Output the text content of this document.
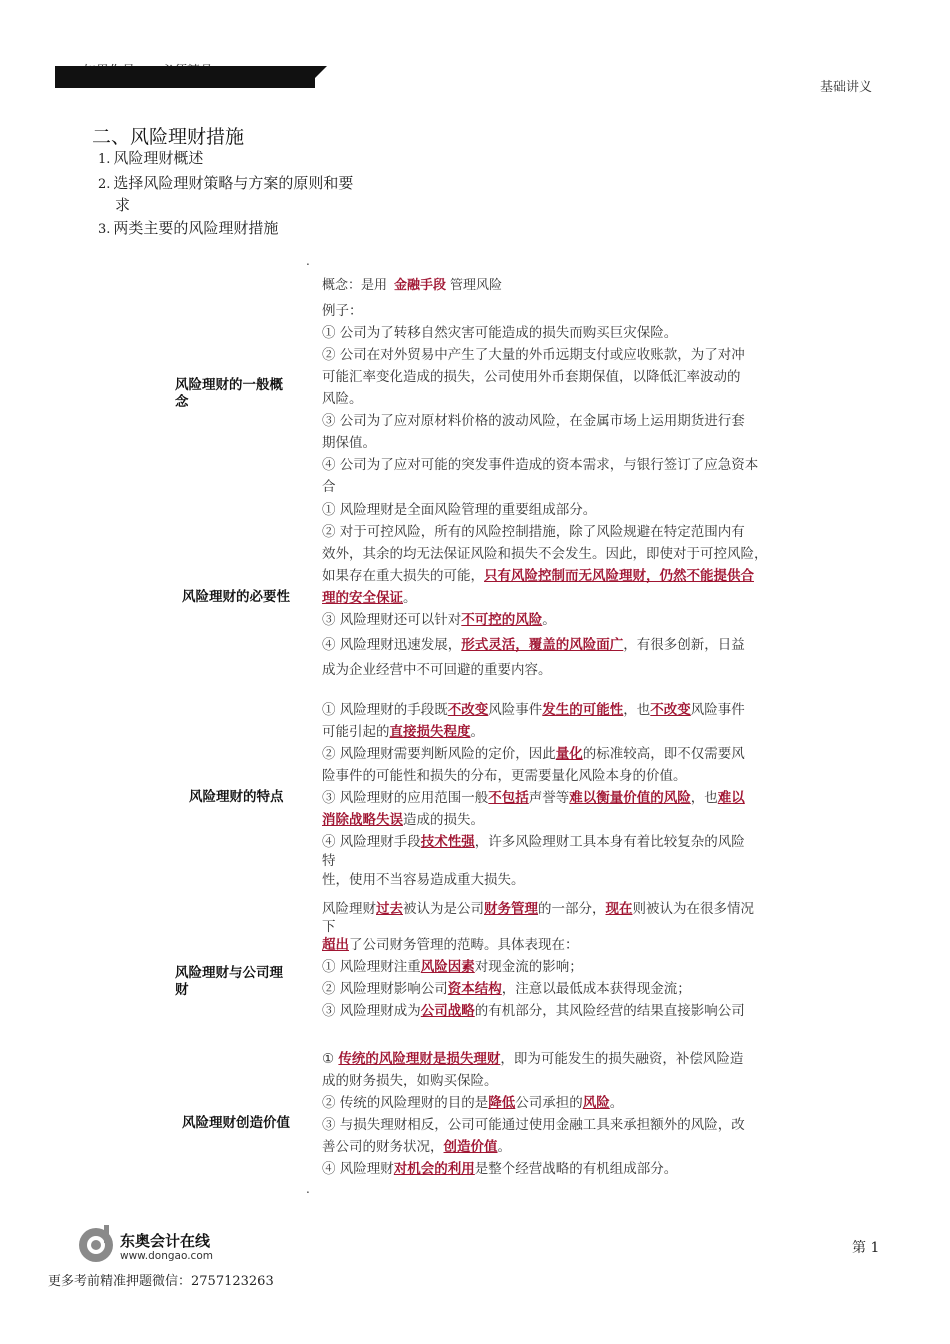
基础讲义
二、风险理财措施
1. 风险理财概述
2. 选择风险理财策略与方案的原则和要
求
3. 两类主要的风险理财措施
.
概念：是用 金融手段 管理风险
风险理财的一般概
念

例子：

① 公司为了转移自然灾害可能造成的损失而购买巨灾保险。

② 公司在对外贸易中产生了大量的外币远期支付或应收账款，为了对冲

可能汇率变化造成的损失，公司使用外币套期保值，以降低汇率波动的

风险。

③ 公司为了应对原材料价格的波动风险，在金属市场上运用期货进行套

期保值。

④ 公司为了应对可能的突发事件造成的资本需求，与银行签订了应急资本

合

风险理财的必要性

① 风险理财是全面风险管理的重要组成部分。

② 对于可控风险，所有的风险控制措施，除了风险规避在特定范围内有

效外，其余的均无法保证风险和损失不会发生。因此，即使对于可控风险，

如果存在重大损失的可能，只有风险控制而无风险理财，仍然不能提供合

理的安全保证。

③ 风险理财还可以针对不可控的风险。

④ 风险理财迅速发展，形式灵活，覆盖的风险面广，有很多创新，日益

成为企业经营中不可回避的重要内容。

风险理财的特点

① 风险理财的手段既不改变风险事件发生的可能性，也不改变风险事件

可能引起的直接损失程度。

② 风险理财需要判断风险的定价，因此量化的标准较高，即不仅需要风

险事件的可能性和损失的分布，更需要量化风险本身的价值。

③ 风险理财的应用范围一般不包括声誉等难以衡量价值的风险，也难以

消除战略失误造成的损失。

④ 风险理财手段技术性强，许多风险理财工具本身有着比较复杂的风险

特

性，使用不当容易造成重大损失。

风险理财与公司理
财

风险理财过去被认为是公司财务管理的一部分，现在则被认为在很多情况

下

超出了公司财务管理的范畴。具体表现在：

① 风险理财注重风险因素对现金流的影响；

② 风险理财影响公司资本结构，注意以最低成本获得现金流；

③ 风险理财成为公司战略的有机部分，其风险经营的结果直接影响公司

风险理财创造价值

① 传统的风险理财是损失理财，即为可能发生的损失融资，补偿风险造

成的财务损失，如购买保险。

② 传统的风险理财的目的是降低公司承担的风险。

③ 与损失理财相反，公司可能通过使用金融工具来承担额外的风险，改

善公司的财务状况，创造价值。

④ 风险理财对机会的利用是整个经营战略的有机组成部分。

.
东奥会计在线
www.dongao.com	第 1
更多考前精准押题微信：2757123263
